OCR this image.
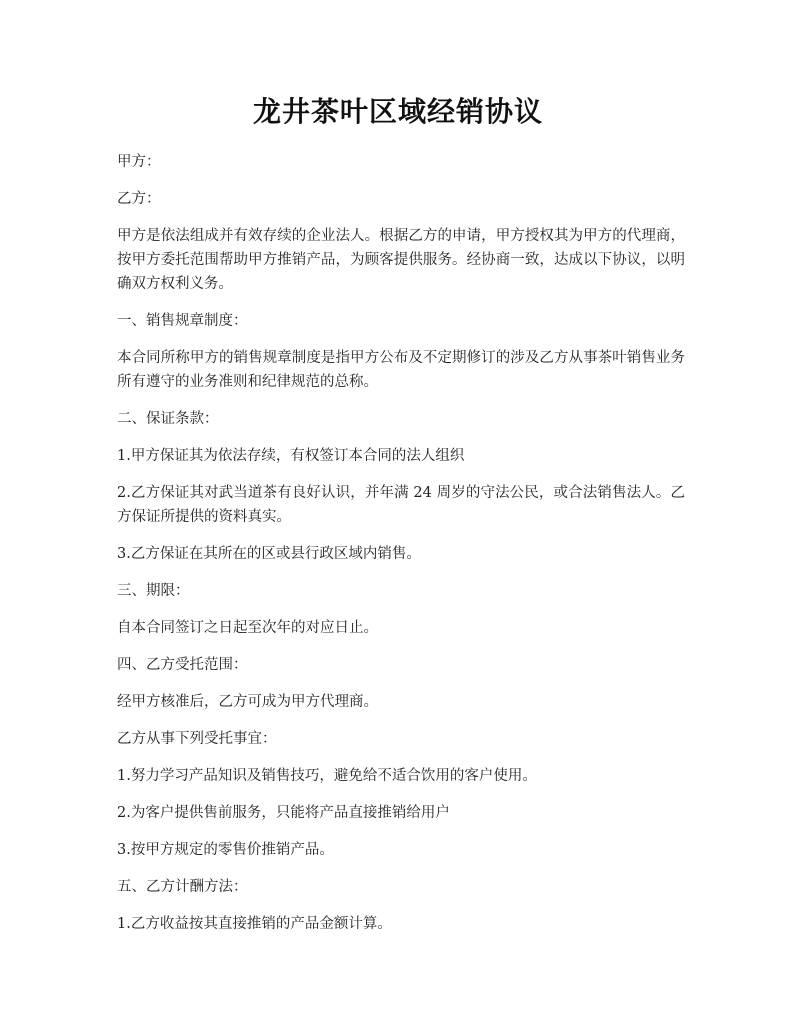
龙井茶叶区域经销协议

甲方：

乙方：

甲方是依法组成并有效存续的企业法人。根据乙方的申请，甲方授权其为甲方的代理商，按甲方委托范围帮助甲方推销产品，为顾客提供服务。经协商一致，达成以下协议，以明确双方权利义务。

一、销售规章制度：

本合同所称甲方的销售规章制度是指甲方公布及不定期修订的涉及乙方从事茶叶销售业务所有遵守的业务准则和纪律规范的总称。

二、保证条款：

1.甲方保证其为依法存续，有权签订本合同的法人组织

2.乙方保证其对武当道茶有良好认识，并年满 24 周岁的守法公民，或合法销售法人。乙方保证所提供的资料真实。

3.乙方保证在其所在的区或县行政区域内销售。

三、期限：

自本合同签订之日起至次年的对应日止。

四、乙方受托范围：

经甲方核准后，乙方可成为甲方代理商。

乙方从事下列受托事宜：

1.努力学习产品知识及销售技巧，避免给不适合饮用的客户使用。

2.为客户提供售前服务，只能将产品直接推销给用户

3.按甲方规定的零售价推销产品。

五、乙方计酬方法：

1.乙方收益按其直接推销的产品金额计算。
